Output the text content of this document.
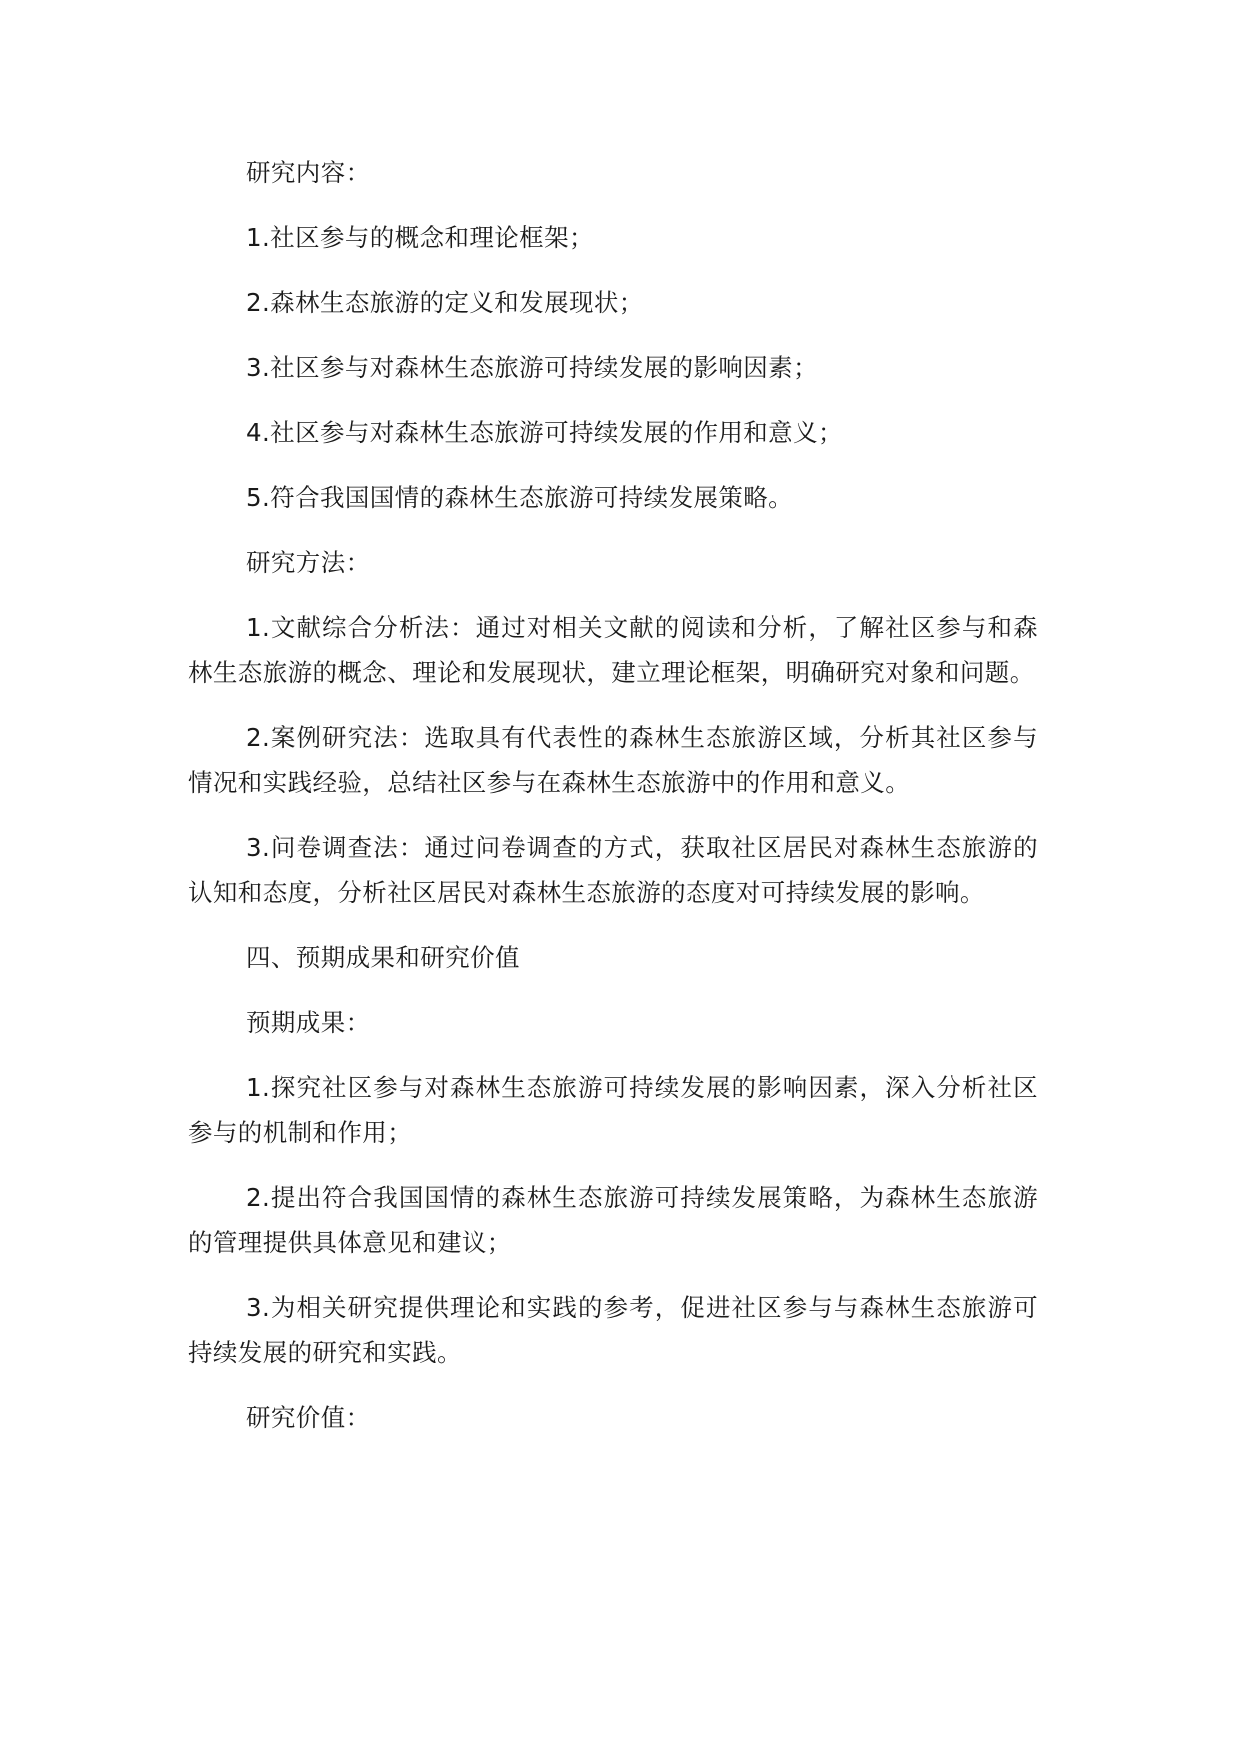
研究内容：

1.社区参与的概念和理论框架；

2.森林生态旅游的定义和发展现状；

3.社区参与对森林生态旅游可持续发展的影响因素；

4.社区参与对森林生态旅游可持续发展的作用和意义；

5.符合我国国情的森林生态旅游可持续发展策略。

研究方法：

1.文献综合分析法：通过对相关文献的阅读和分析，了解社区参与和森林生态旅游的概念、理论和发展现状，建立理论框架，明确研究对象和问题。

2.案例研究法：选取具有代表性的森林生态旅游区域，分析其社区参与情况和实践经验，总结社区参与在森林生态旅游中的作用和意义。

3.问卷调查法：通过问卷调查的方式，获取社区居民对森林生态旅游的认知和态度，分析社区居民对森林生态旅游的态度对可持续发展的影响。

四、预期成果和研究价值

预期成果：

1.探究社区参与对森林生态旅游可持续发展的影响因素，深入分析社区参与的机制和作用；

2.提出符合我国国情的森林生态旅游可持续发展策略，为森林生态旅游的管理提供具体意见和建议；

3.为相关研究提供理论和实践的参考，促进社区参与与森林生态旅游可持续发展的研究和实践。

研究价值：
